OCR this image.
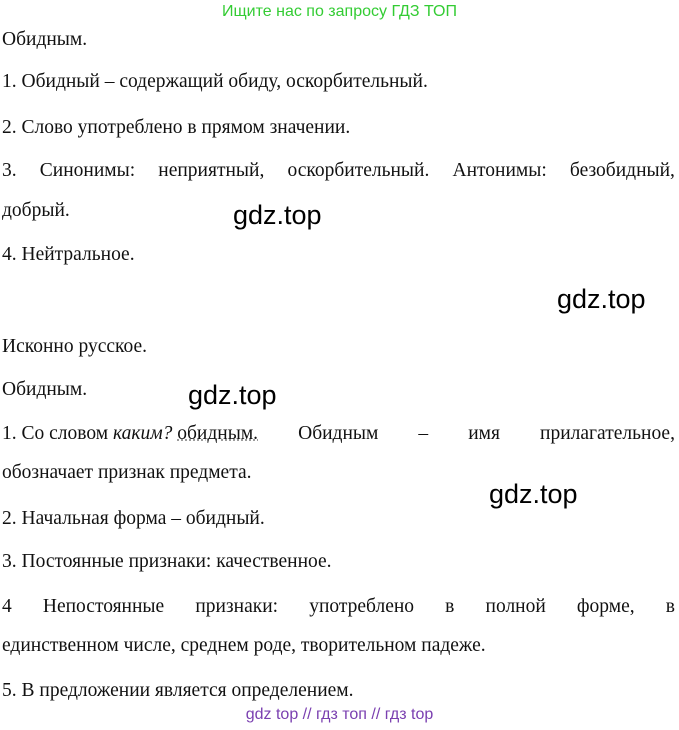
Ищите нас по запросу ГДЗ ТОП
Обидным.
1. Обидный – содержащий обиду, оскорбительный.
2. Слово употреблено в прямом значении.
3. Синонимы: неприятный, оскорбительный. Антонимы: безобидный,
добрый.
4. Нейтральное.
Исконно русское.
Обидным.
1. Со словом каким? обидным. Обидным – имя прилагательное,
обозначает признак предмета.
2. Начальная форма – обидный.
3. Постоянные признаки: качественное.
4 Непостоянные признаки: употреблено в полной форме, в
единственном числе, среднем роде, творительном падеже.
5. В предложении является определением.
gdz.top
gdz.top
gdz.top
gdz.top
gdz top // гдз топ // гдз top
